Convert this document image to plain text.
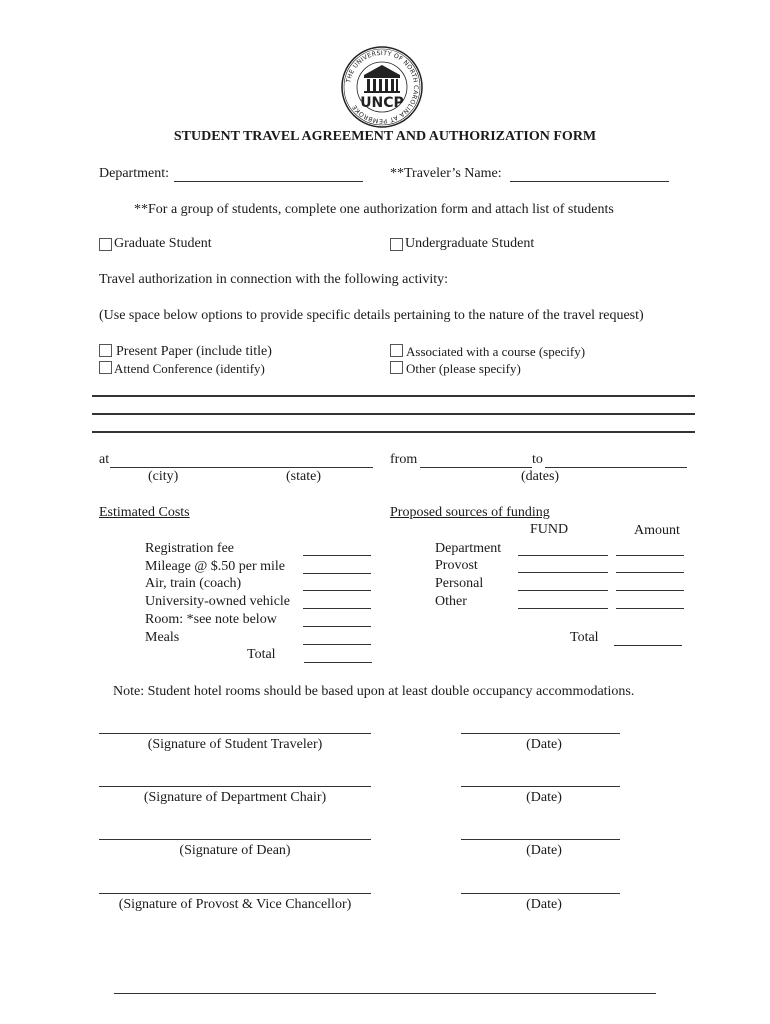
THE UNIVERSITY OF NORTH CAROLINA AT PEMBROKE UNCP
STUDENT TRAVEL AGREEMENT AND AUTHORIZATION FORM
Department:	**Traveler’s Name:
**For a group of students, complete one authorization form and attach list of students
Graduate Student	Undergraduate Student
Travel authorization in connection with the following activity:
(Use space below options to provide specific details pertaining to the nature of the travel request)
Present Paper (include title)
Attend Conference (identify)
Associated with a course (specify)
Other (please specify)
at
(city)	(state)
from	to
(dates)
Estimated Costs
Registration fee
Mileage @ $.50 per mile
Air, train (coach)
University-owned vehicle
Room: *see note below
Meals
Total
Proposed sources of funding
FUND	Amount
Department
Provost
Personal
Other
Total
Note: Student hotel rooms should be based upon at least double occupancy accommodations.
(Signature of Student Traveler)	(Date)
(Signature of Department Chair)	(Date)
(Signature of Dean)	(Date)
(Signature of Provost & Vice Chancellor)	(Date)
